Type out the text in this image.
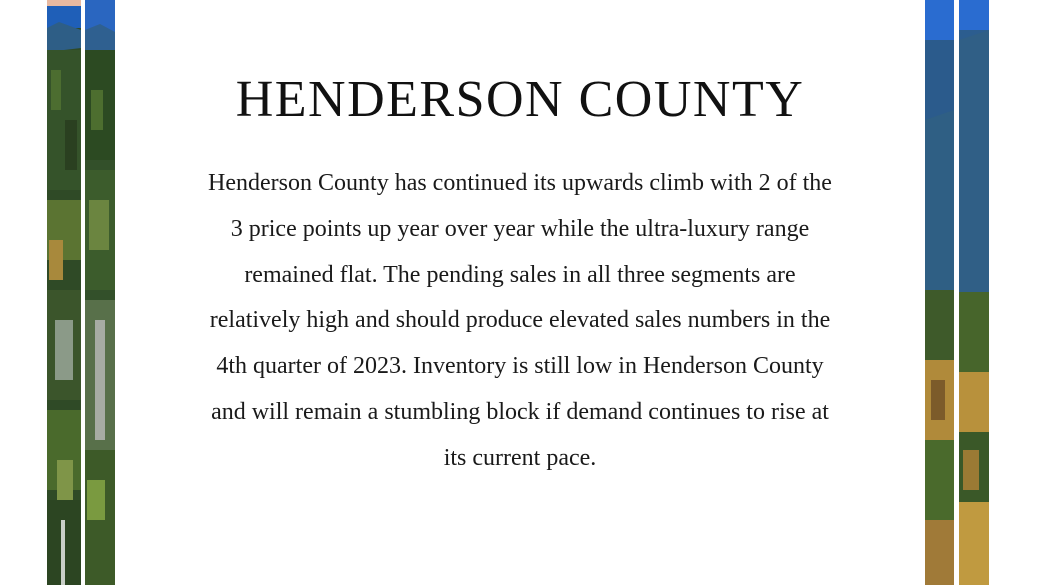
HENDERSON COUNTY
Henderson County has continued its upwards climb with 2 of the
3 price points up year over year while the ultra-luxury range
remained flat. The pending sales in all three segments are
relatively high and should produce elevated sales numbers in the
4th quarter of 2023. Inventory is still low in Henderson County
and will remain a stumbling block if demand continues to rise at
its current pace.
